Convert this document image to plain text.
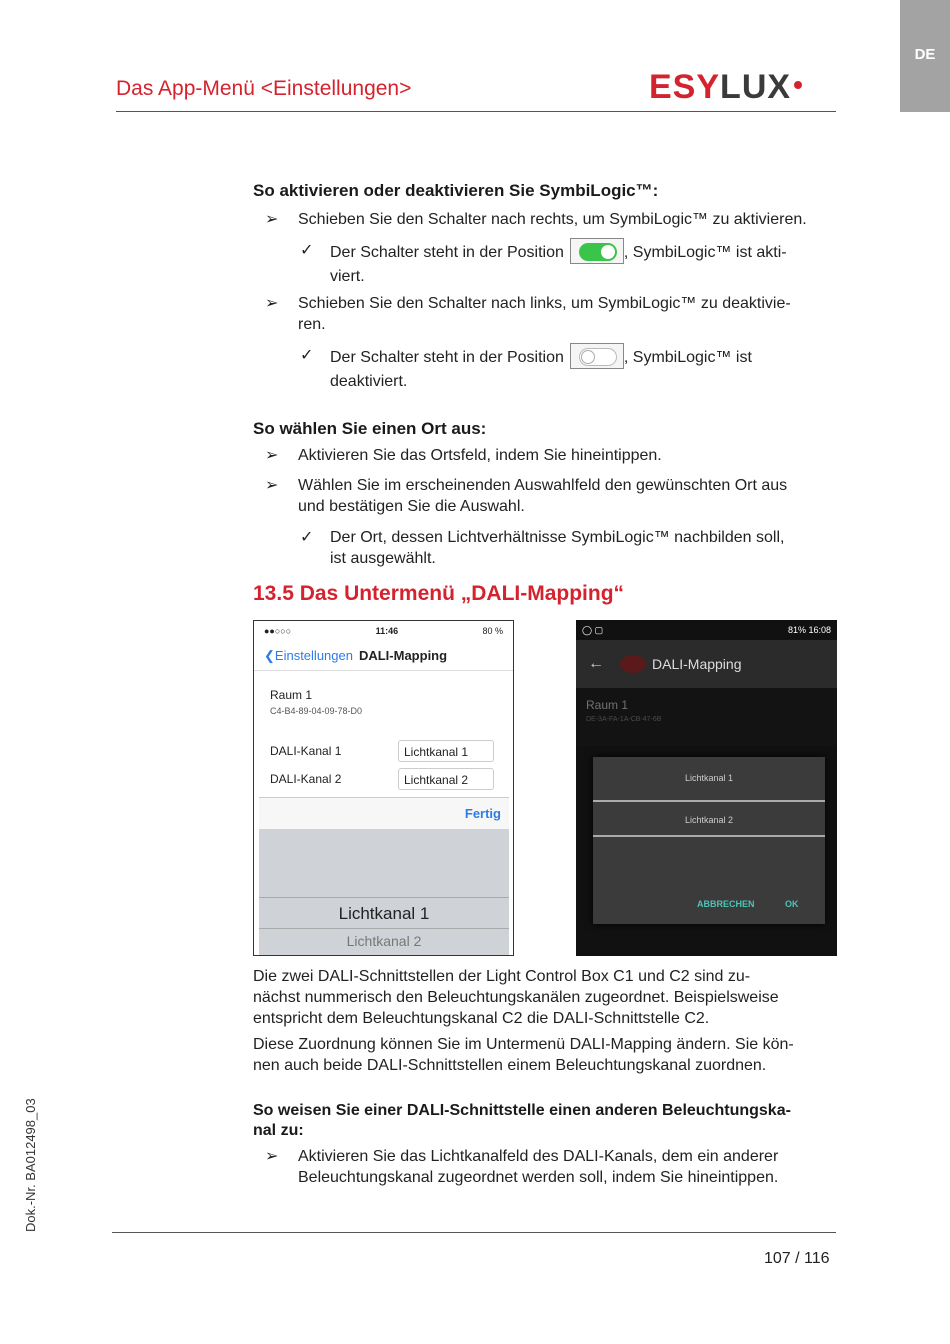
DE
Das App-Menü <Einstellungen>	ESYLUX
So aktivieren oder deaktivieren Sie SymbiLogic™:
➢ Schieben Sie den Schalter nach rechts, um SymbiLogic™ zu aktivieren.
✓ Der Schalter steht in der Position	, SymbiLogic™ ist akti-
viert.
➢ Schieben Sie den Schalter nach links, um SymbiLogic™ zu deaktivie-
ren.
✓ Der Schalter steht in der Position	, SymbiLogic™ ist
deaktiviert.
So wählen Sie einen Ort aus:
➢ Aktivieren Sie das Ortsfeld, indem Sie hineintippen.
➢ Wählen Sie im erscheinenden Auswahlfeld den gewünschten Ort aus
und bestätigen Sie die Auswahl.
✓ Der Ort, dessen Lichtverhältnisse SymbiLogic™ nachbilden soll,
ist ausgewählt.
13.5 Das Untermenü „DALI-Mapping“
●●○○○	11:46	80 %
❮ Einstellungen DALI-Mapping
Raum 1
C4-B4-89-04-09-78-D0
DALI-Kanal 1	Lichtkanal 1
DALI-Kanal 2	Lichtkanal 2
Fertig
Lichtkanal 1
Lichtkanal 2
◯ ▢	81% 16:08
←	DALI-Mapping
Raum 1
DE-3A-FA-1A-CB-47-6B
Lichtkanal 1
Lichtkanal 2
ABBRECHEN	OK
Die zwei DALI-Schnittstellen der Light Control Box C1 und C2 sind zu-
nächst nummerisch den Beleuchtungskanälen zugeordnet. Beispielsweise
entspricht dem Beleuchtungskanal C2 die DALI-Schnittstelle C2.
Diese Zuordnung können Sie im Untermenü DALI-Mapping ändern. Sie kön-
nen auch beide DALI-Schnittstellen einem Beleuchtungskanal zuordnen.
So weisen Sie einer DALI-Schnittstelle einen anderen Beleuchtungska-
nal zu:
➢ Aktivieren Sie das Lichtkanalfeld des DALI-Kanals, dem ein anderer
Beleuchtungskanal zugeordnet werden soll, indem Sie hineintippen.
107 / 116
Dok.-Nr. BA012498_03
